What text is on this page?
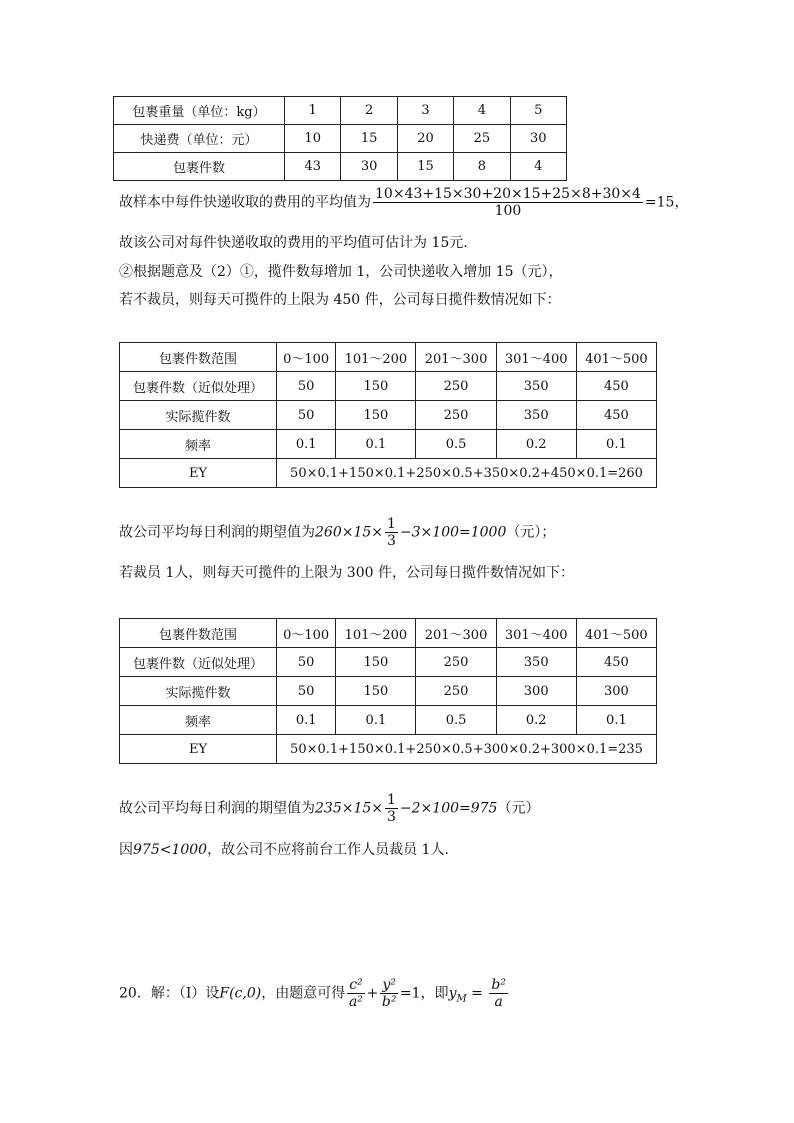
包裹重量（单位：kg）	1	2	3	4	5
快递费（单位：元）	10	15	20	25	30
包裹件数	43	30	15	8	4
故样本中每件快递收取的费用的平均值为 $\frac{10\times 43+15\times 30+20\times 15+25\times 8+30\times 4}{100} =15$，
故该公司对每件快递收取的费用的平均值可估计为 15元.
②根据题意及（2）①，揽件数每增加 1，公司快递收入增加 15（元），
若不裁员，则每天可揽件的上限为 450 件，公司每日揽件数情况如下：
包裹件数范围	0～100	101～200	201～300	301～400	401～500
包裹件数（近似处理）	50	150	250	350	450
实际揽件数	50	150	250	350	450
频率	0.1	0.1	0.5	0.2	0.1
EY	50×0.1+150×0.1+250×0.5+350×0.2+450×0.1=260				
故公司平均每日利润的期望值为$260\times 15\times \frac{1}{3} -3\times 100=1000$（元）；
若裁员 1人，则每天可揽件的上限为 300 件，公司每日揽件数情况如下：
包裹件数范围	0～100	101～200	201～300	301～400	401～500
包裹件数（近似处理）	50	150	250	350	450
实际揽件数	50	150	250	300	300
频率	0.1	0.1	0.5	0.2	0.1
EY	50×0.1+150×0.1+250×0.5+300×0.2+300×0.1=235				
故公司平均每日利润的期望值为$235\times 15\times \frac{1}{3} -2\times 100=975$（元）
因975<1000，故公司不应将前台工作人员裁员 1人.
20．解：（I）设F(c,0)，由题意可得 $\frac{\text{c²}}{\text{a²}} + \frac{\text{y²}}{\text{b²}} =1$，即$y_M = \frac{\text{b²}}{a}$
